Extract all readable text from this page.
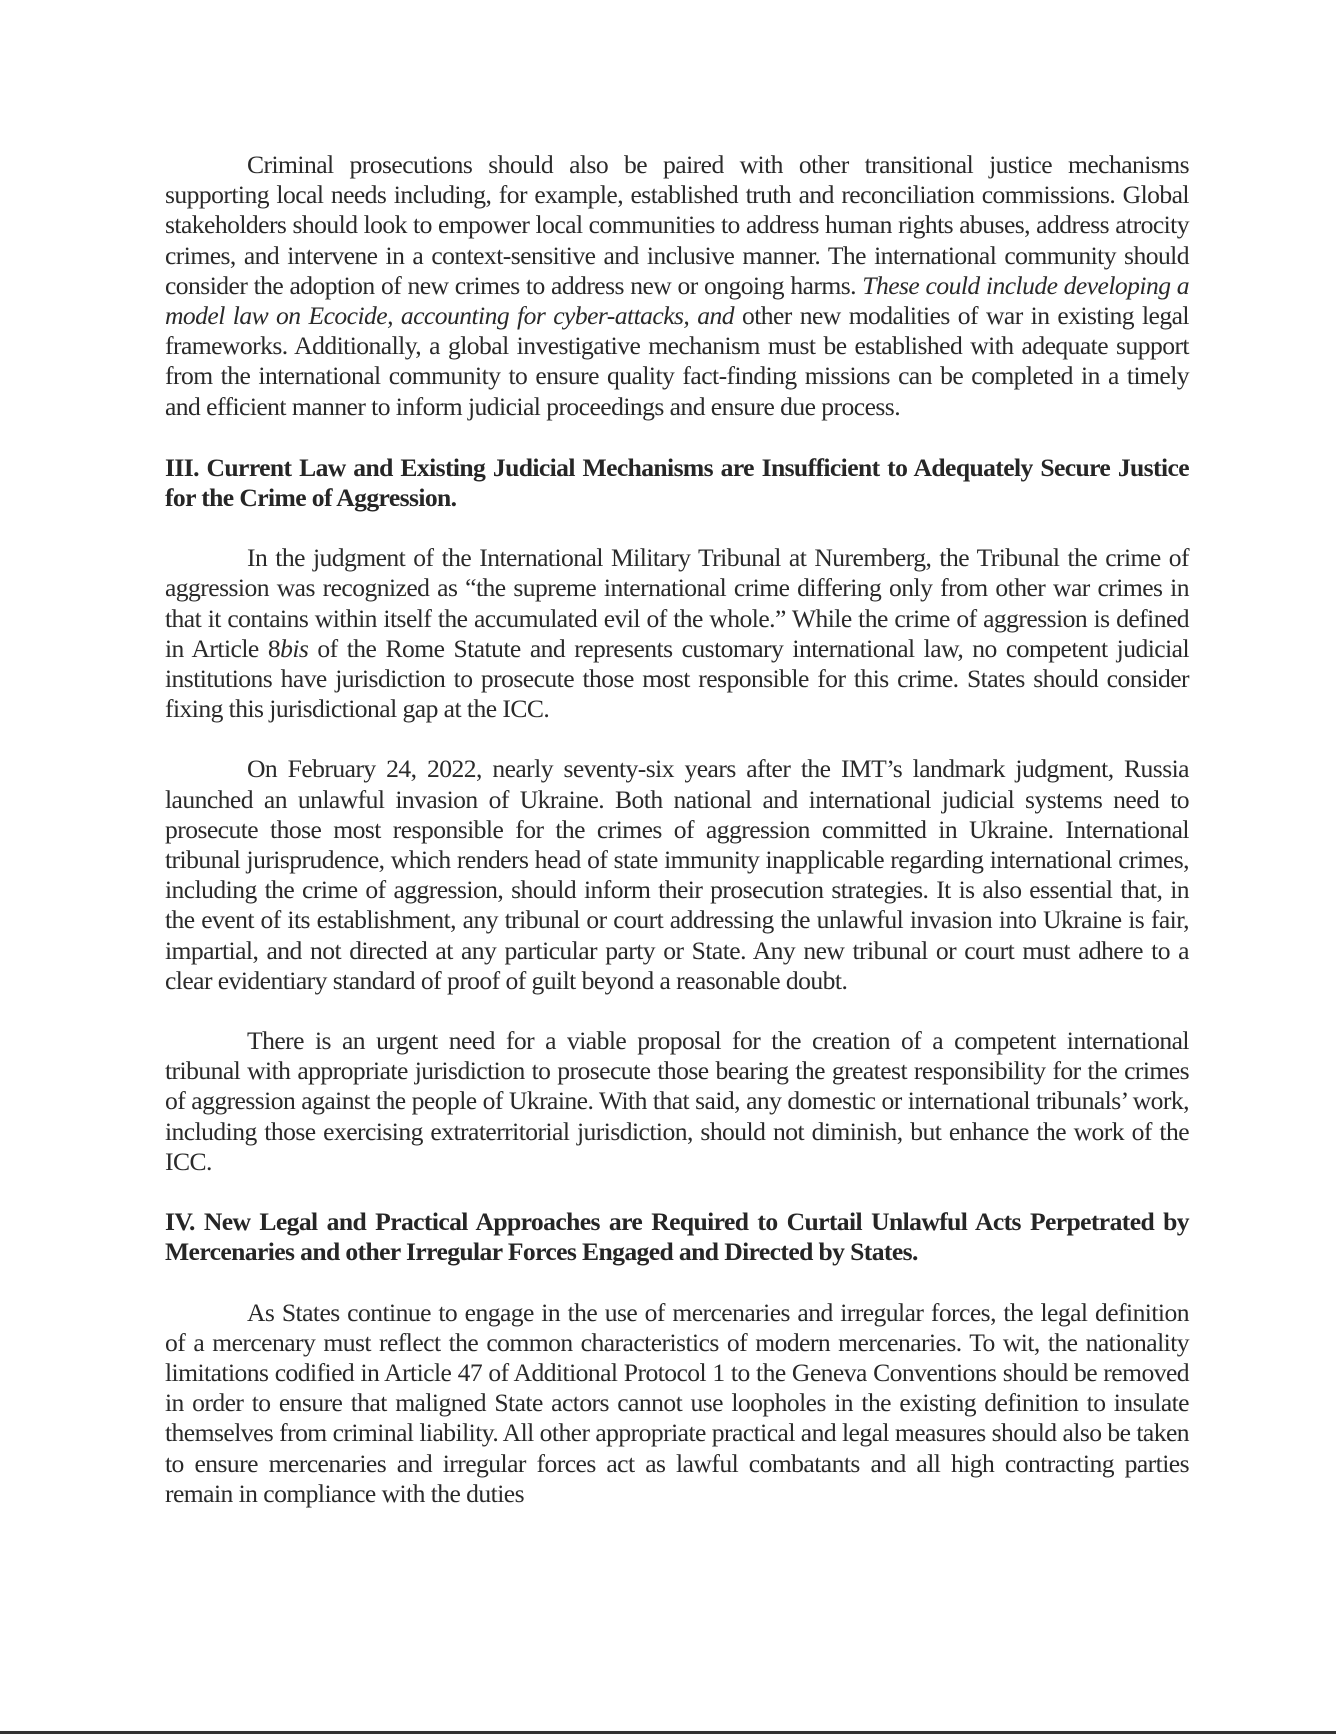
Criminal prosecutions should also be paired with other transitional justice mechanisms supporting local needs including, for example, established truth and reconciliation commissions. Global stakeholders should look to empower local communities to address human rights abuses, address atrocity crimes, and intervene in a context-sensitive and inclusive manner. The international community should consider the adoption of new crimes to address new or ongoing harms. These could include developing a model law on Ecocide, accounting for cyber-attacks, and other new modalities of war in existing legal frameworks. Additionally, a global investigative mechanism must be established with adequate support from the international community to ensure quality fact-finding missions can be completed in a timely and efficient manner to inform judicial proceedings and ensure due process.

III. Current Law and Existing Judicial Mechanisms are Insufficient to Adequately Secure Justice for the Crime of Aggression.

In the judgment of the International Military Tribunal at Nuremberg, the Tribunal the crime of aggression was recognized as “the supreme international crime differing only from other war crimes in that it contains within itself the accumulated evil of the whole.” While the crime of aggression is defined in Article 8bis of the Rome Statute and represents customary international law, no competent judicial institutions have jurisdiction to prosecute those most responsible for this crime. States should consider fixing this jurisdictional gap at the ICC.

On February 24, 2022, nearly seventy-six years after the IMT’s landmark judgment, Russia launched an unlawful invasion of Ukraine. Both national and international judicial systems need to prosecute those most responsible for the crimes of aggression committed in Ukraine. International tribunal jurisprudence, which renders head of state immunity inapplicable regarding international crimes, including the crime of aggression, should inform their prosecution strategies. It is also essential that, in the event of its establishment, any tribunal or court addressing the unlawful invasion into Ukraine is fair, impartial, and not directed at any particular party or State. Any new tribunal or court must adhere to a clear evidentiary standard of proof of guilt beyond a reasonable doubt.

There is an urgent need for a viable proposal for the creation of a competent international tribunal with appropriate jurisdiction to prosecute those bearing the greatest responsibility for the crimes of aggression against the people of Ukraine. With that said, any domestic or international tribunals’ work, including those exercising extraterritorial jurisdiction, should not diminish, but enhance the work of the ICC.

IV. New Legal and Practical Approaches are Required to Curtail Unlawful Acts Perpetrated by Mercenaries and other Irregular Forces Engaged and Directed by States.

As States continue to engage in the use of mercenaries and irregular forces, the legal definition of a mercenary must reflect the common characteristics of modern mercenaries. To wit, the nationality limitations codified in Article 47 of Additional Protocol 1 to the Geneva Conventions should be removed in order to ensure that maligned State actors cannot use loopholes in the existing definition to insulate themselves from criminal liability. All other appropriate practical and legal measures should also be taken to ensure mercenaries and irregular forces act as lawful combatants and all high contracting parties remain in compliance with the duties
